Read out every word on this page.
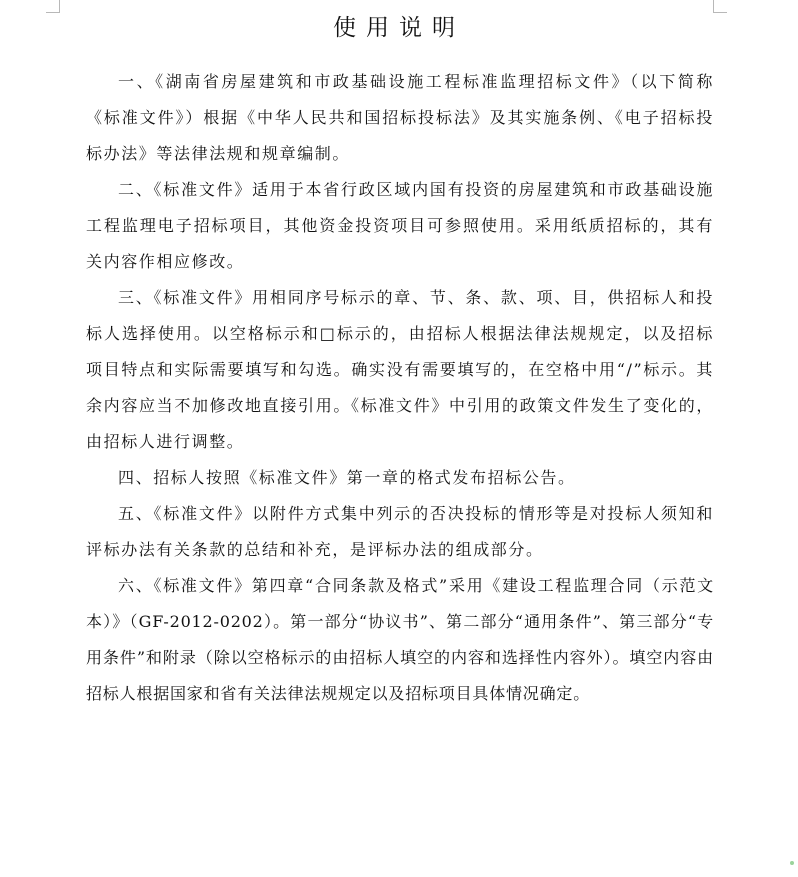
使用说明

一、《湖南省房屋建筑和市政基础设施工程标准监理招标文件》（以下简称《标准文件》）根据《中华人民共和国招标投标法》及其实施条例、《电子招标投标办法》等法律法规和规章编制。

二、《标准文件》适用于本省行政区域内国有投资的房屋建筑和市政基础设施工程监理电子招标项目，其他资金投资项目可参照使用。采用纸质招标的，其有关内容作相应修改。

三、《标准文件》用相同序号标示的章、节、条、款、项、目，供招标人和投标人选择使用。以空格标示和□标示的，由招标人根据法律法规规定，以及招标项目特点和实际需要填写和勾选。确实没有需要填写的，在空格中用“/”标示。其余内容应当不加修改地直接引用。《标准文件》中引用的政策文件发生了变化的，由招标人进行调整。

四、招标人按照《标准文件》第一章的格式发布招标公告。

五、《标准文件》以附件方式集中列示的否决投标的情形等是对投标人须知和评标办法有关条款的总结和补充，是评标办法的组成部分。

六、《标准文件》第四章“合同条款及格式”采用《建设工程监理合同（示范文本）》（GF-2012-0202）。第一部分“协议书”、第二部分“通用条件”、第三部分“专用条件”和附录（除以空格标示的由招标人填空的内容和选择性内容外）。填空内容由招标人根据国家和省有关法律法规规定以及招标项目具体情况确定。
